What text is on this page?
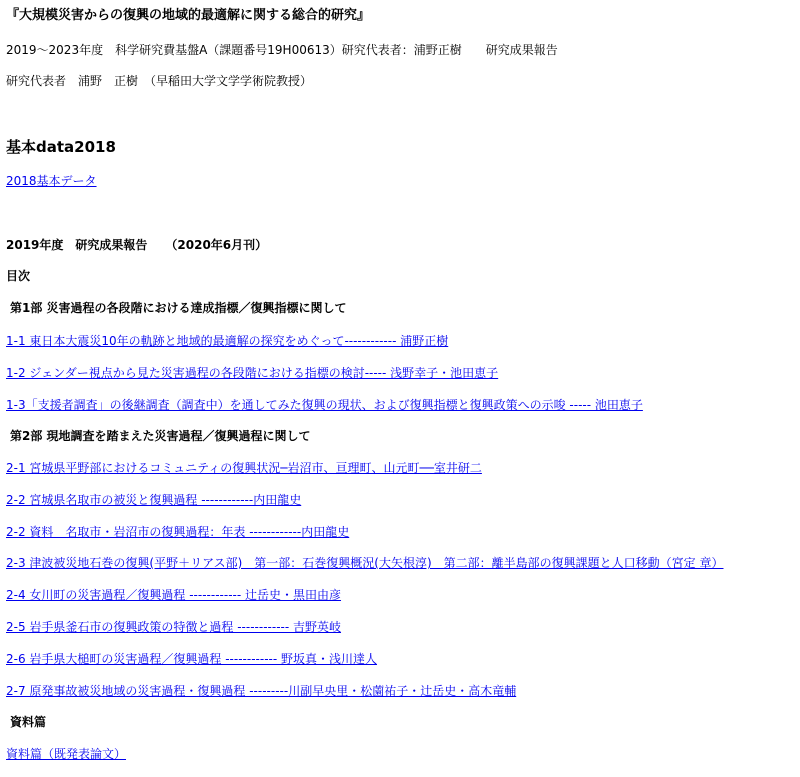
『大規模災害からの復興の地域的最適解に関する総合的研究』
2019〜2023年度　科学研究費基盤A（課題番号19H00613）研究代表者：浦野正樹　　研究成果報告
研究代表者　浦野　正樹　（早稲田大学文学学術院教授）
基本data2018
2018基本データ
2019年度　研究成果報告　　（2020年6月刊）
目次
第1部 災害過程の各段階における達成指標／復興指標に関して
1-1 東日本大震災10年の軌跡と地域的最適解の探究をめぐって------------ 浦野正樹
1-2 ジェンダー視点から見た災害過程の各段階における指標の検討----- 浅野幸子・池田恵子
1-3「支援者調査」の後継調査（調査中）を通してみた復興の現状、および復興指標と復興政策への示唆 ----- 池田恵子
第2部 現地調査を踏まえた災害過程／復興過程に関して
2-1 宮城県平野部におけるコミュニティの復興状況─岩沼市、亘理町、山元町──室井研二
2-2 宮城県名取市の被災と復興過程 ------------内田龍史
2-2 資料　名取市・岩沼市の復興過程：年表 ------------内田龍史
2-3 津波被災地石巻の復興(平野＋リアス部)　第一部：石巻復興概況(大矢根淳)　第二部：離半島部の復興課題と人口移動（宮定 章）
2-4 女川町の災害過程／復興過程 ------------ 辻岳史・黒田由彦
2-5 岩手県釜石市の復興政策の特徴と過程 ------------ 吉野英岐
2-6 岩手県大槌町の災害過程／復興過程 ------------ 野坂真・浅川達人
2-7 原発事故被災地域の災害過程・復興過程 ---------川副早央里・松薗祐子・辻岳史・高木竜輔
資料篇
資料篇（既発表論文）
